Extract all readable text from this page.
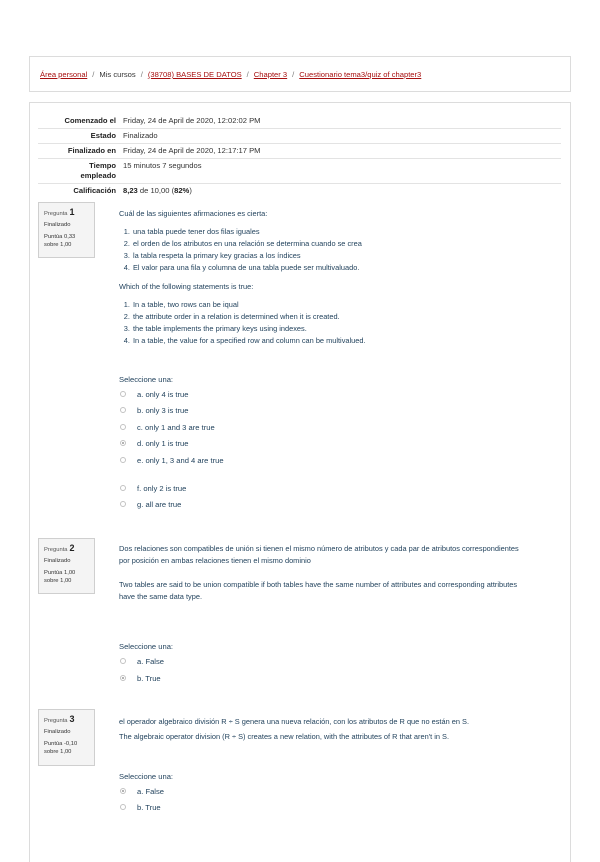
Área personal / Mis cursos / (38708) BASES DE DATOS / Chapter 3 / Cuestionario tema3/quiz of chapter3
Comenzado el	Friday, 24 de April de 2020, 12:02:02 PM
Estado	Finalizado
Finalizado en	Friday, 24 de April de 2020, 12:17:17 PM
Tiempo
empleado	15 minutos 7 segundos
Calificación	8,23 de 10,00 (82%)
Pregunta 1
Finalizado
Puntúa 0,33
sobre 1,00

Cuál de las siguientes afirmaciones es cierta:

1. una tabla puede tener dos filas iguales
2. el orden de los atributos en una relación se determina cuando se crea
3. la tabla respeta la primary key gracias a los índices
4. El valor para una fila y columna de una tabla puede ser multivaluado.

Which of the following statements is true:

1. In a table, two rows can be iqual
2. the attribute order in a relation is determined when it is created.
3. the table implements the primary keys using indexes.
4. In a table, the value for a specified row and column can be multivalued.
Seleccione una:
a. only 4 is true
b. only 3 is true
c. only 1 and 3 are true
d. only 1 is true
e. only 1, 3 and 4 are true
f. only 2 is true
g. all are true
Pregunta 2
Finalizado
Puntúa 1,00
sobre 1,00

Dos relaciones son compatibles de unión si tienen el mismo número de atributos y cada par de atributos correspondientes por posición en ambas relaciones tienen el mismo dominio

Two tables are said to be union compatible if both tables have the same number of attributes and corresponding attributes have the same data type.

Seleccione una:
a. False
b. True
Pregunta 3
Finalizado
Puntúa -0,10
sobre 1,00

el operador algebraico división R ÷ S genera una nueva relación, con los atributos de R que no están en S.

The algebraic operator division (R ÷ S) creates a new relation, with the attributes of R that aren't in S.

Seleccione una:
a. False
b. True
